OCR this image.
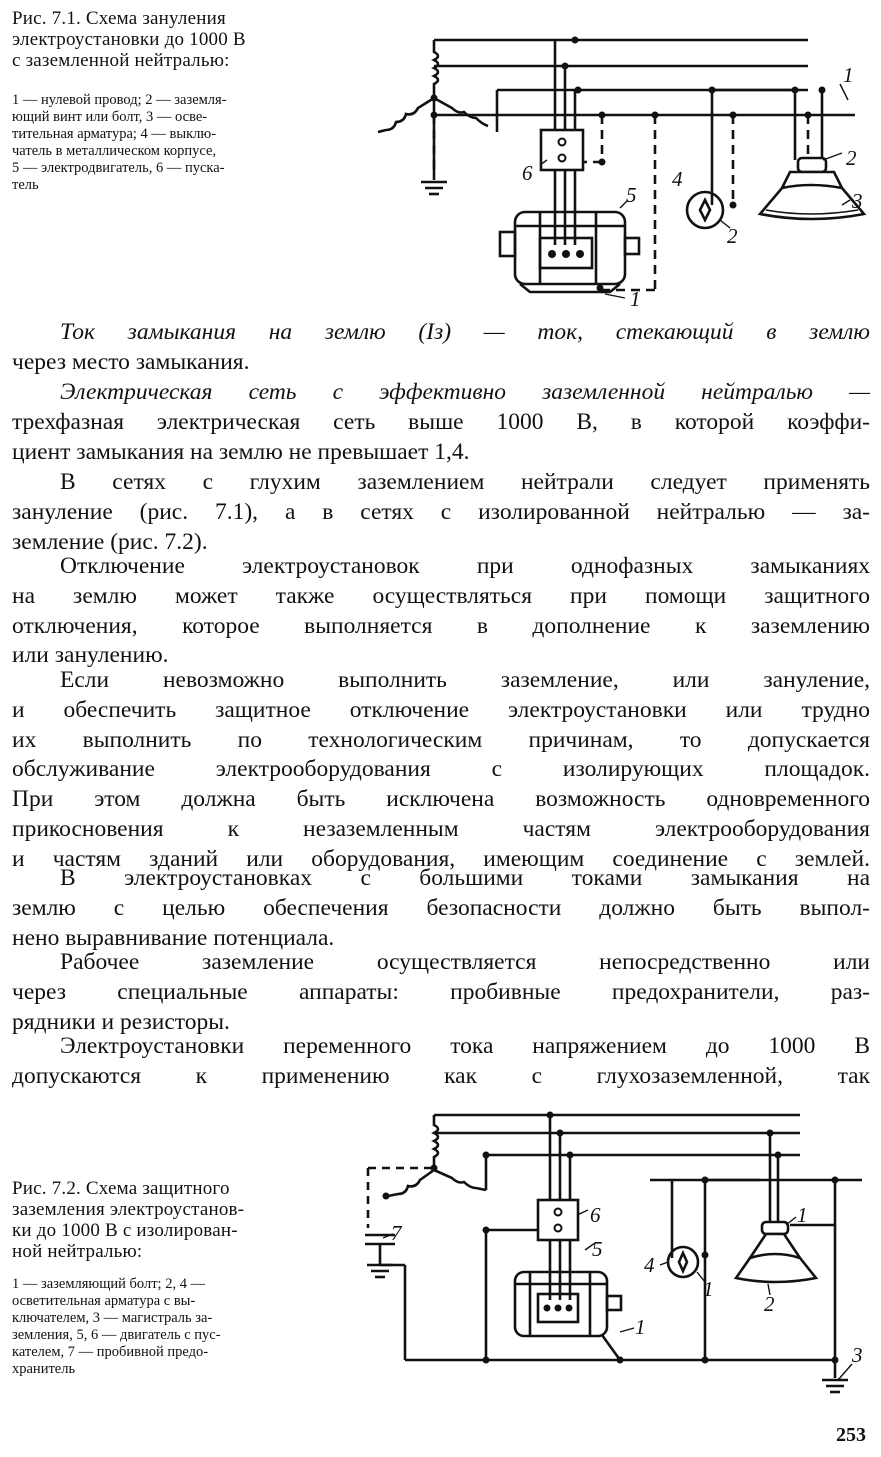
Рис. 7.1. Схема зануления
электроустановки до 1000 В
с заземленной нейтралью:
1 — нулевой провод; 2 — заземля-
ющий винт или болт, 3 — осве-
тительная арматура; 4 — выклю-
чатель в металлическом корпусе,
5 — электродвигатель, 6 — пуска-
тель
1
2
3
4
5
6
2
1
Ток замыкания на землю (Iз) — ток, стекающий в землю
через место замыкания.
Электрическая сеть с эффективно заземленной нейтралью —
трехфазная электрическая сеть выше 1000 В, в которой коэффи-
циент замыкания на землю не превышает 1,4.
В сетях с глухим заземлением нейтрали следует применять
зануление (рис. 7.1), а в сетях с изолированной нейтралью — за-
земление (рис. 7.2).
Отключение электроустановок при однофазных замыканиях
на землю может также осуществляться при помощи защитного
отключения, которое выполняется в дополнение к заземлению
или занулению.
Если невозможно выполнить заземление, или зануление,
и обеспечить защитное отключение электроустановки или трудно
их выполнить по технологическим причинам, то допускается
обслуживание электрооборудования с изолирующих площадок.
При этом должна быть исключена возможность одновременного
прикосновения к незаземленным частям электрооборудования
и частям зданий или оборудования, имеющим соединение с землей.
В электроустановках с большими токами замыкания на
землю с целью обеспечения безопасности должно быть выпол-
нено выравнивание потенциала.
Рабочее заземление осуществляется непосредственно или
через специальные аппараты: пробивные предохранители, раз-
рядники и резисторы.
Электроустановки переменного тока напряжением до 1000 В
допускаются к применению как с глухозаземленной, так
Рис. 7.2. Схема защитного
заземления электроустанов-
ки до 1000 В с изолирован-
ной нейтралью:
1 — заземляющий болт; 2, 4 —
осветительная арматура с вы-
ключателем, 3 — магистраль за-
земления, 5, 6 — двигатель с пус-
кателем, 7 — пробивной предо-
хранитель
6
5
7
4
1
1
1
2
3
253
